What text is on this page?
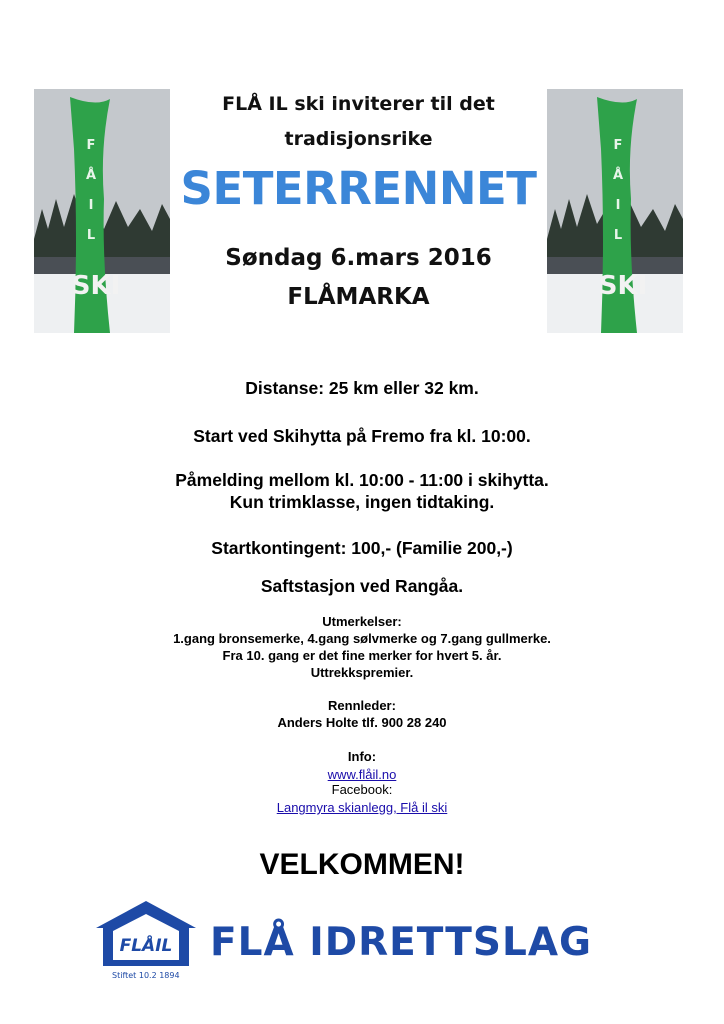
F
Å
I
L
SKI
F
Å
I
L
SKI
FLÅ IL ski inviterer til det
tradisjonsrike
SETERRENNET
Søndag 6.mars 2016
FLÅMARKA
Distanse: 25 km eller 32 km.
Start ved Skihytta på Fremo fra kl. 10:00.
Påmelding mellom kl. 10:00 - 11:00 i skihytta.
Kun trimklasse, ingen tidtaking.
Startkontingent: 100,- (Familie 200,-)
Saftstasjon ved Rangåa.
Utmerkelser:
1.gang bronsemerke, 4.gang sølvmerke og 7.gang gullmerke.
Fra 10. gang er det fine merker for hvert 5. år.
Uttrekkspremier.
Rennleder:
Anders Holte tlf. 900 28 240
Info:
www.flåil.no
Facebook:
Langmyra skianlegg, Flå il ski
VELKOMMEN!
FLÅIL
Stiftet 10.2 1894
FLÅ IDRETTSLAG
